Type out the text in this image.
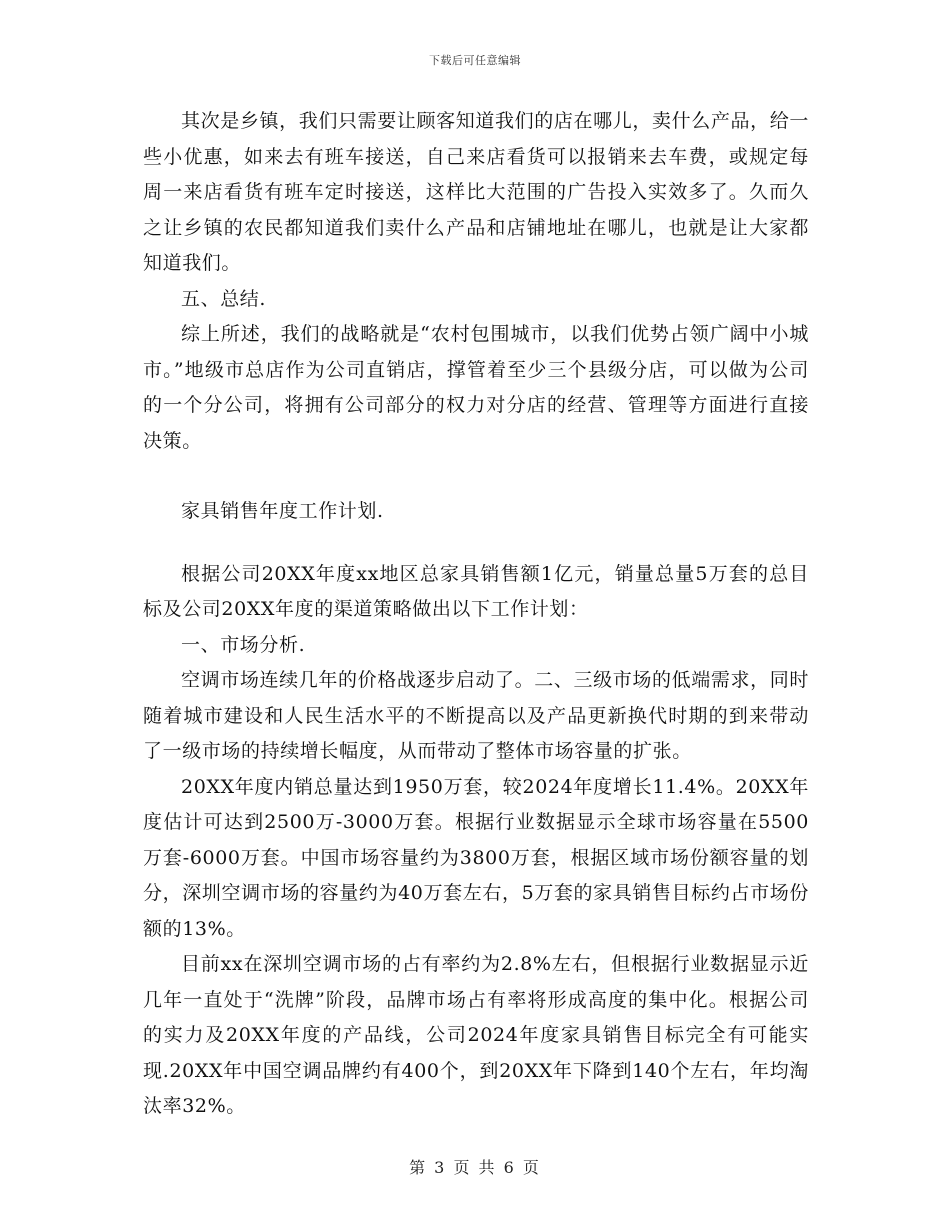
下载后可任意编辑

其次是乡镇，我们只需要让顾客知道我们的店在哪儿，卖什么产品，给一些小优惠，如来去有班车接送，自己来店看货可以报销来去车费，或规定每周一来店看货有班车定时接送，这样比大范围的广告投入实效多了。久而久之让乡镇的农民都知道我们卖什么产品和店铺地址在哪儿，也就是让大家都知道我们。

五、总结.

综上所述，我们的战略就是“农村包围城市，以我们优势占领广阔中小城市。”地级市总店作为公司直销店，撑管着至少三个县级分店，可以做为公司的一个分公司，将拥有公司部分的权力对分店的经营、管理等方面进行直接决策。

家具销售年度工作计划.

根据公司20XX年度xx地区总家具销售额1亿元，销量总量5万套的总目标及公司20XX年度的渠道策略做出以下工作计划：

一、市场分析.

空调市场连续几年的价格战逐步启动了。二、三级市场的低端需求，同时随着城市建设和人民生活水平的不断提高以及产品更新换代时期的到来带动了一级市场的持续增长幅度，从而带动了整体市场容量的扩张。

20XX年度内销总量达到1950万套，较2024年度增长11.4%。20XX年度估计可达到2500万-3000万套。根据行业数据显示全球市场容量在5500万套-6000万套。中国市场容量约为3800万套，根据区域市场份额容量的划分，深圳空调市场的容量约为40万套左右，5万套的家具销售目标约占市场份额的13%。

目前xx在深圳空调市场的占有率约为2.8%左右，但根据行业数据显示近几年一直处于“洗牌”阶段，品牌市场占有率将形成高度的集中化。根据公司的实力及20XX年度的产品线，公司2024年度家具销售目标完全有可能实现.20XX年中国空调品牌约有400个，到20XX年下降到140个左右，年均淘汰率32%。

第 3 页 共 6 页
